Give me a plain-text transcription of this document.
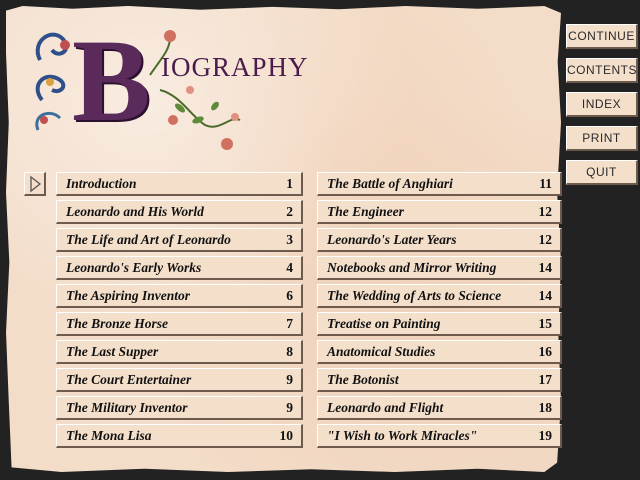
B IOGRAPHY
CONTINUE
CONTENTS
INDEX
PRINT
QUIT
Introduction	1
Leonardo and His World	2
The Life and Art of Leonardo	3
Leonardo's Early Works	4
The Aspiring Inventor	6
The Bronze Horse	7
The Last Supper	8
The Court Entertainer	9
The Military Inventor	9
The Mona Lisa	10
The Battle of Anghiari	11
The Engineer	12
Leonardo's Later Years	12
Notebooks and Mirror Writing	14
The Wedding of Arts to Science	14
Treatise on Painting	15
Anatomical Studies	16
The Botonist	17
Leonardo and Flight	18
"I Wish to Work Miracles"	19
